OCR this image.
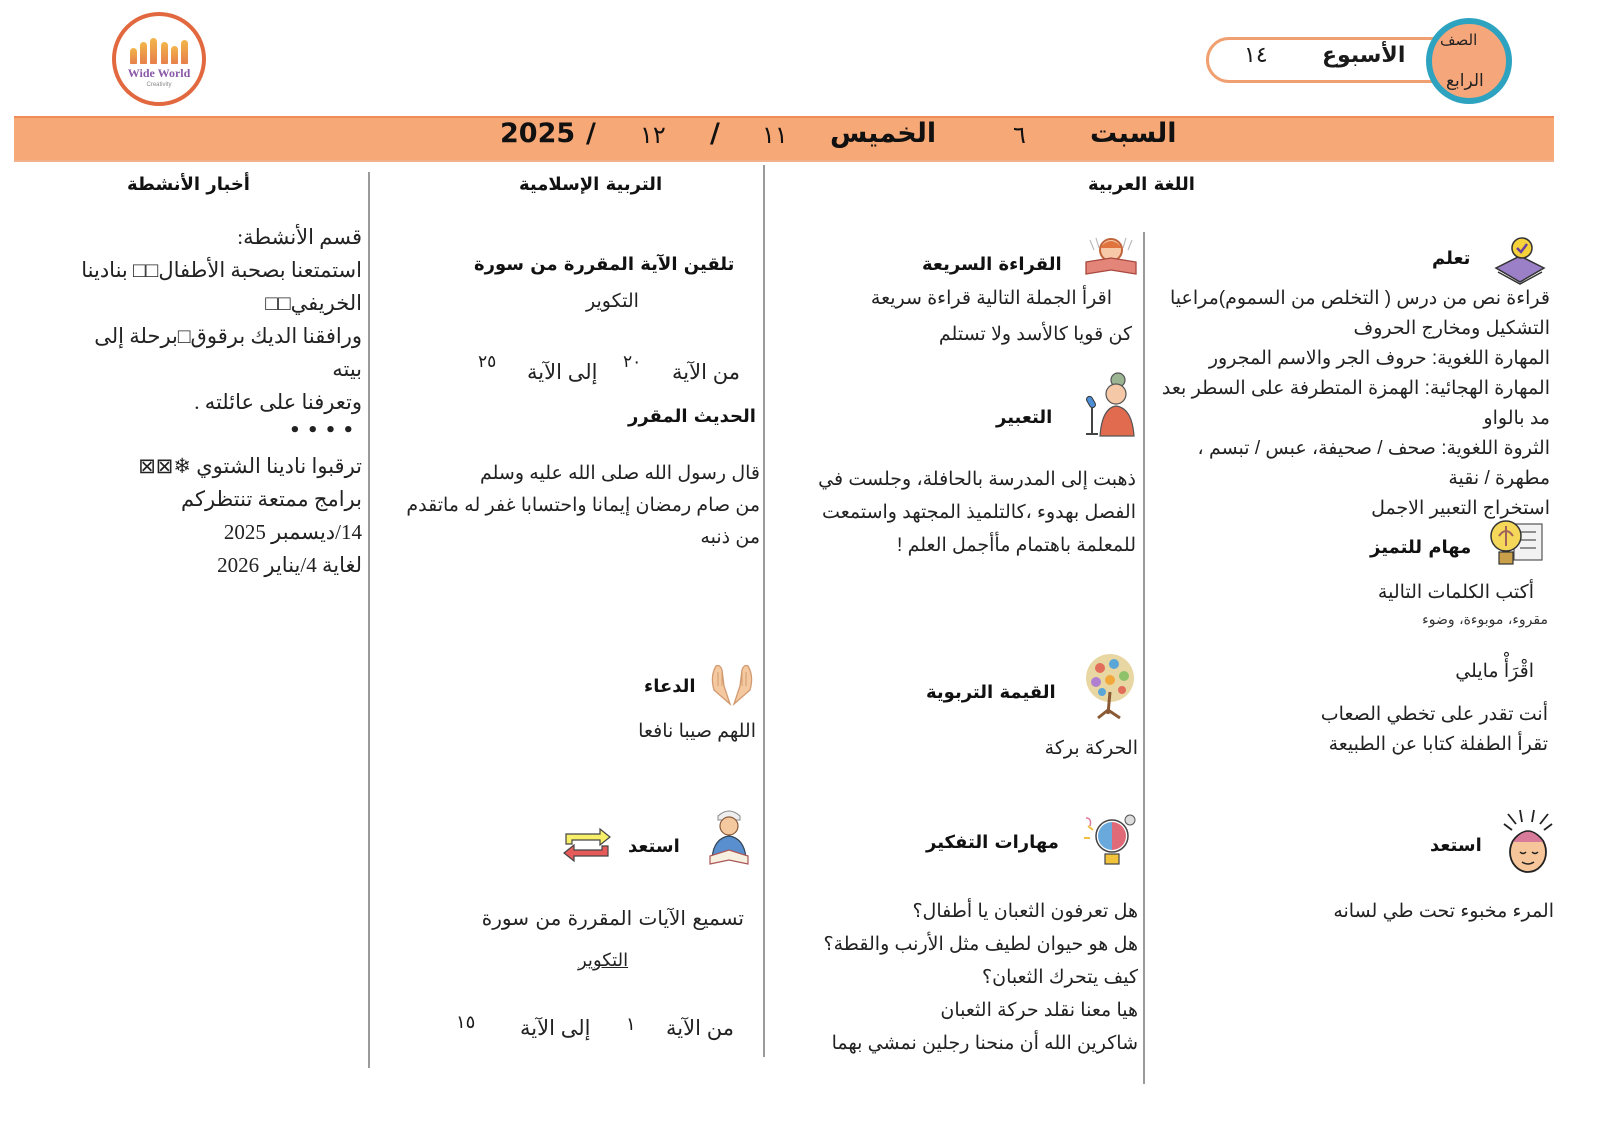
Wide World
Creativity
الأسبوع
١٤
الصف
الرابع
السبت
٦
الخميس
١١
/
١٢
/
2025
اللغة العربية
التربية الإسلامية
أخبار الأنشطة
تعلم
قراءة نص من درس ( التخلص من السموم)مراعيا
التشكيل ومخارج الحروف
المهارة اللغوية: حروف الجر والاسم المجرور
المهارة الهجائية: الهمزة المتطرفة على السطر بعد
مد بالواو
الثروة اللغوية: صحف / صحيفة، عبس / تبسم ،
مطهرة / نقية
استخراج التعبير الاجمل
مهام للتميز
أكتب الكلمات التالية
مقروء، موبوءة، وضوء
اقْرَأْ مايلي
أنت تقدر على تخطي الصعاب
تقرأ الطفلة كتابا عن الطبيعة
استعد
المرء مخبوء تحت طي لسانه
القراءة السريعة
اقرأ الجملة التالية قراءة سريعة
كن قويا كالأسد ولا تستلم
التعبير
ذهبت إلى المدرسة بالحافلة، وجلست في
الفصل بهدوء ،كالتلميذ المجتهد واستمعت
للمعلمة باهتمام مأأجمل العلم !
القيمة التربوية
الحركة بركة
مهارات التفكير
هل تعرفون الثعبان يا أطفال؟
هل هو حيوان لطيف مثل الأرنب والقطة؟
كيف يتحرك الثعبان؟
هيا معنا نقلد حركة الثعبان
شاكرين الله أن منحنا رجلين نمشي بهما
تلقين الآية المقررة من سورة
التكوير
من الآية
٢٠
إلى الآية
٢٥
الحديث المقرر
قال رسول الله صلى الله عليه وسلم
من صام رمضان إيمانا واحتسابا غفر له ماتقدم
من ذنبه
الدعاء
اللهم صيبا نافعا
استعد
تسميع الآيات المقررة من سورة
التكوير
من الآية
١
إلى الآية
١٥
قسم الأنشطة:
استمتعنا بصحبة الأطفال□□ بنادينا
الخريفي□□
ورافقنا الديك برقوق□برحلة إلى بيته
وتعرفنا على عائلته .
• • • •
ترقبوا نادينا الشتوي ❄⊠⊠
برامج ممتعة تنتظركم
14/ديسمبر 2025
لغاية 4/يناير 2026
